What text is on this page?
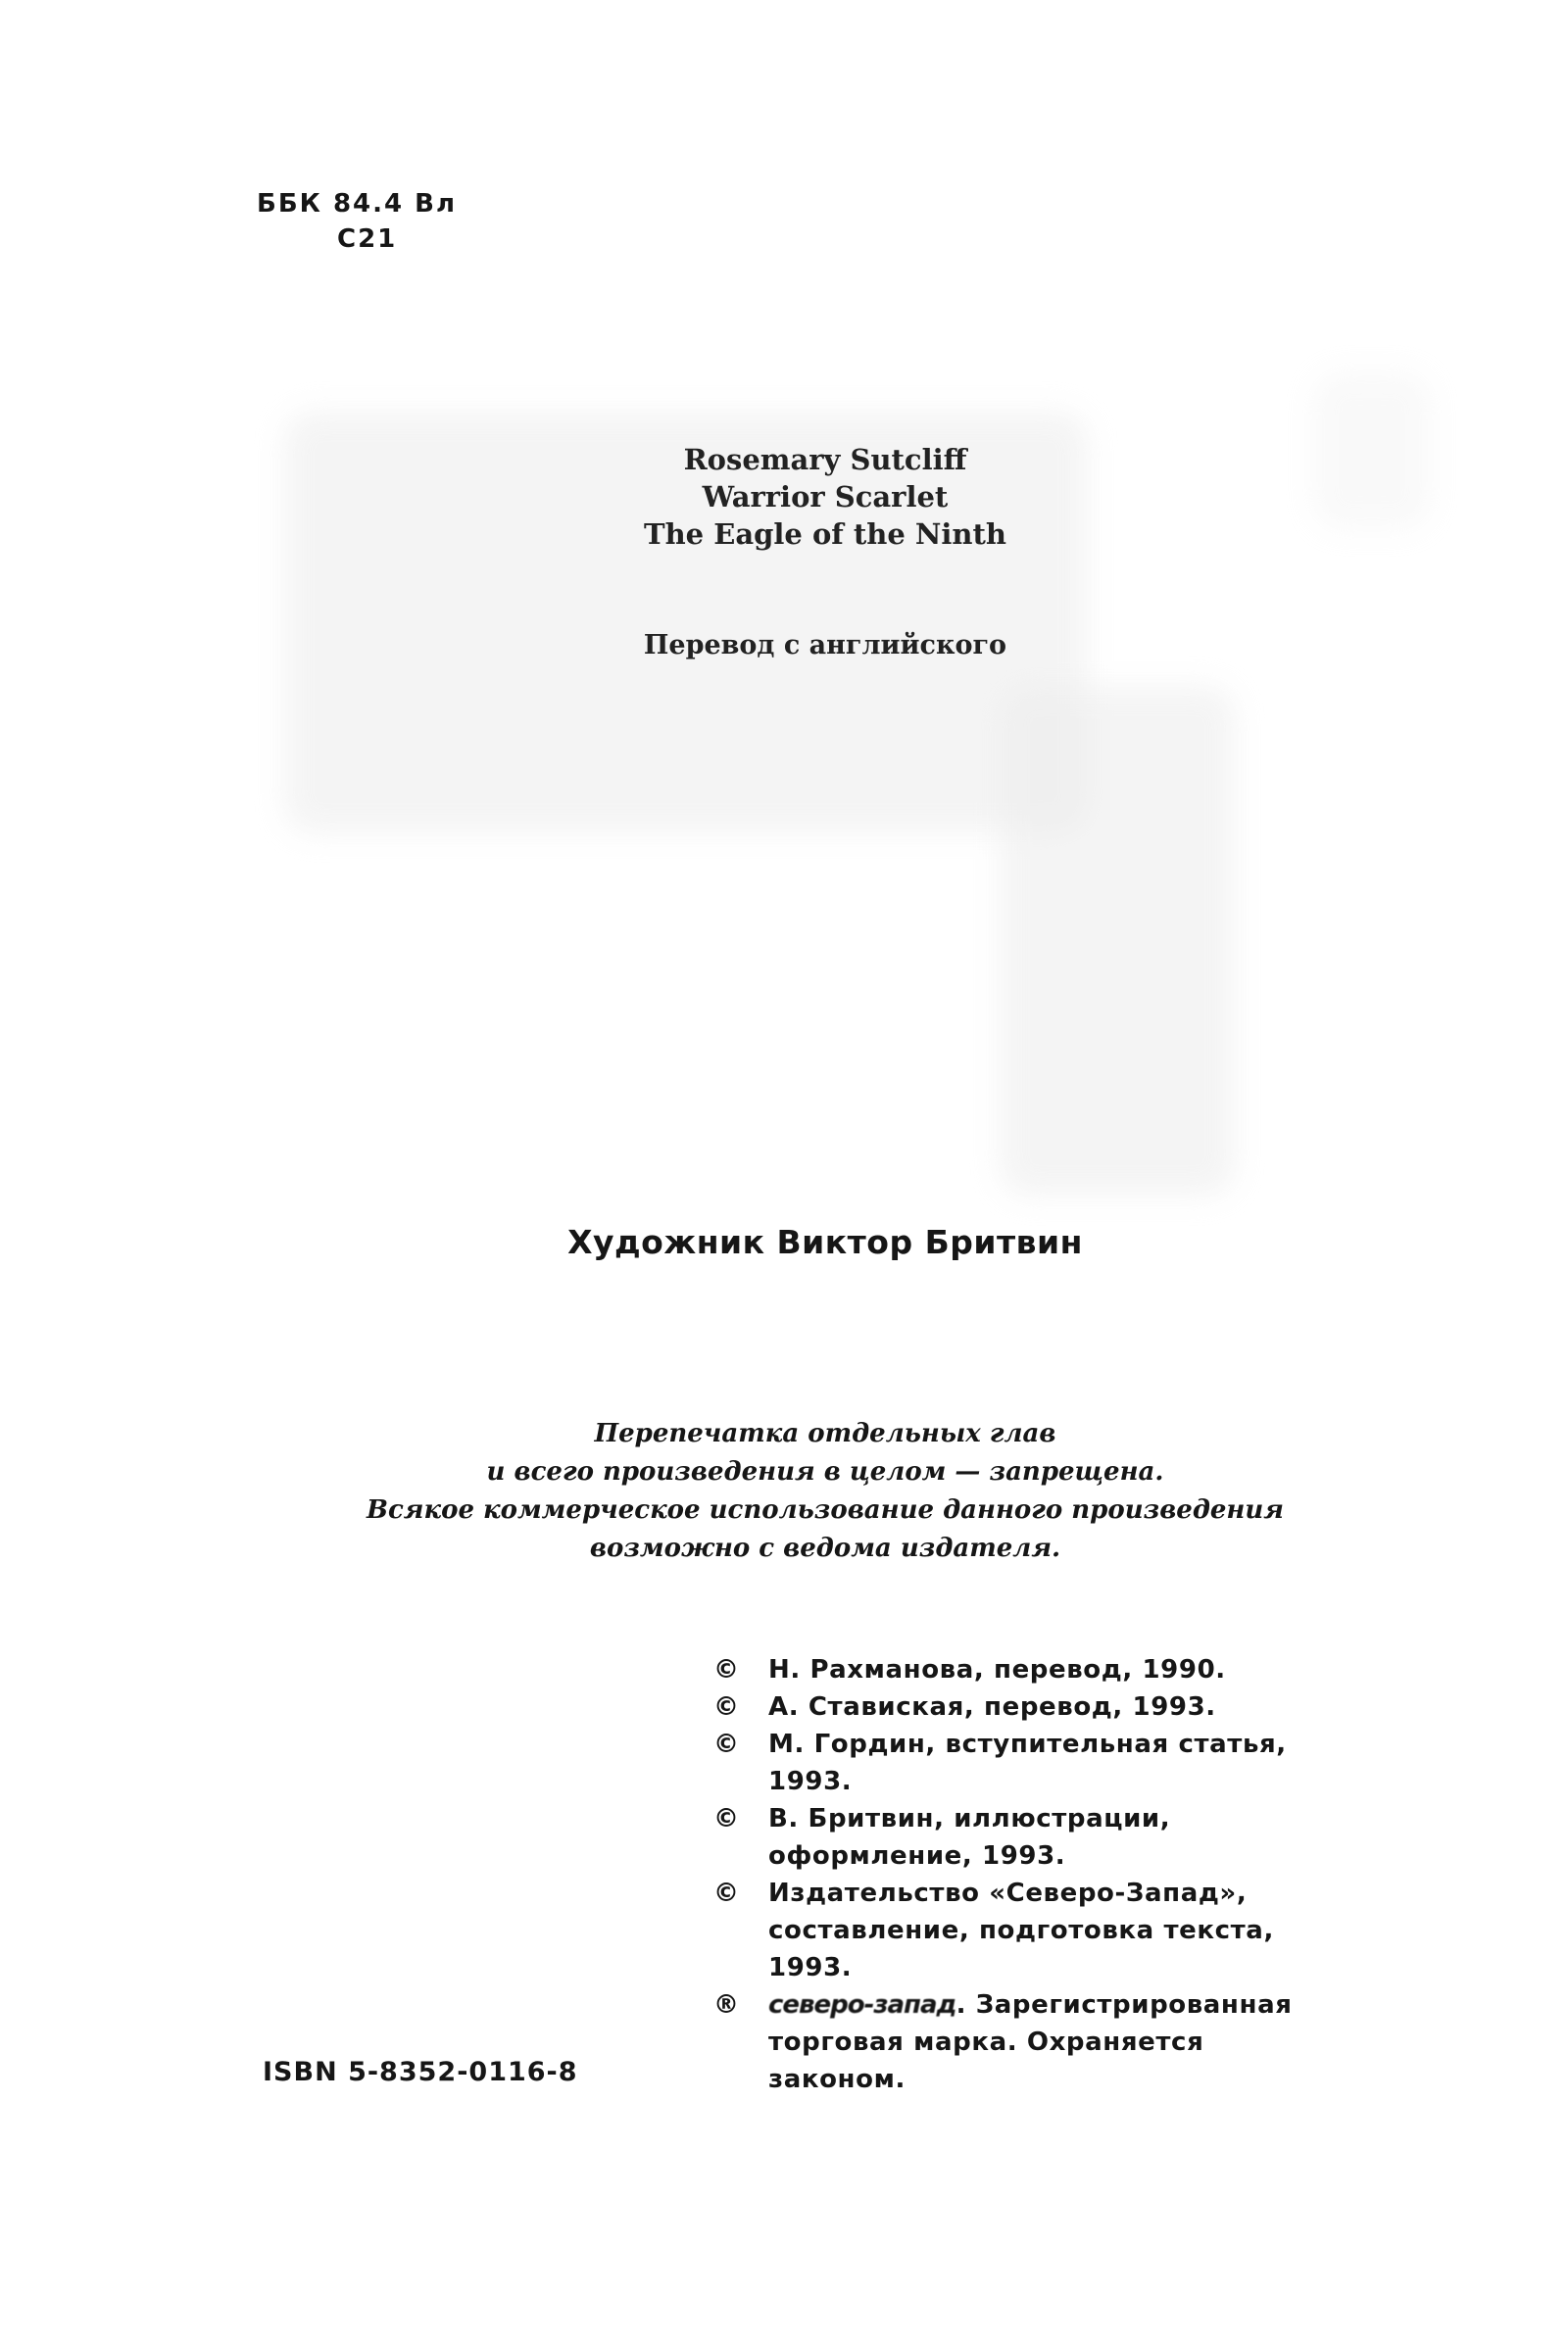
ББК 84.4 Вл
С21
Rosemary Sutcliff
Warrior Scarlet
The Eagle of the Ninth
Перевод с английского
Художник Виктор Бритвин
Перепечатка отдельных глав
и всего произведения в целом — запрещена.
Всякое коммерческое использование данного произведения
возможно с ведома издателя.
©	Н. Рахманова, перевод, 1990.
©	А. Ставиская, перевод, 1993.
©	М. Гордин, вступительная статья,
1993.
©	В. Бритвин, иллюстрации,
оформление, 1993.
©	Издательство «Северо-Запад»,
составление, подготовка текста,
1993.
®	северо-запад. Зарегистрированная
торговая марка. Охраняется
законом.
ISBN 5-8352-0116-8
